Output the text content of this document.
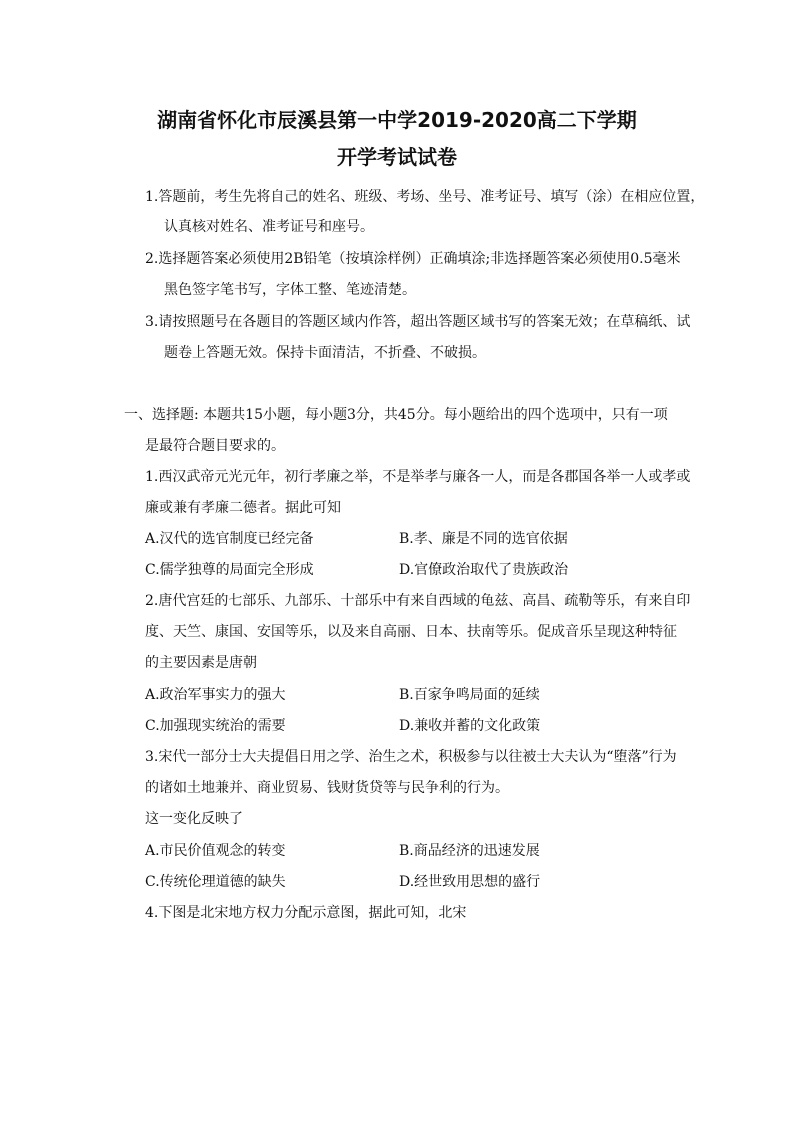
湖南省怀化市辰溪县第一中学2019-2020高二下学期
开学考试试卷
1.答题前，考生先将自己的姓名、班级、考场、坐号、准考证号、填写（涂）在相应位置，
认真核对姓名、准考证号和座号。
2.选择题答案必须使用2B铅笔（按填涂样例）正确填涂;非选择题答案必须使用0.5毫米
黑色签字笔书写，字体工整、笔迹清楚。
3.请按照题号在各题目的答题区域内作答，超出答题区域书写的答案无效；在草稿纸、试
题卷上答题无效。保持卡面清洁，不折叠、不破损。
一、选择题: 本题共15小题，每小题3分，共45分。每小题给出的四个选项中，只有一项
是最符合题目要求的。
1.西汉武帝元光元年，初行孝廉之举，不是举孝与廉各一人，而是各郡国各举一人或孝或
廉或兼有孝廉二德者。据此可知
A.汉代的选官制度已经完备	B.孝、廉是不同的选官依据
C.儒学独尊的局面完全形成	D.官僚政治取代了贵族政治
2.唐代宫廷的七部乐、九部乐、十部乐中有来自西域的龟兹、高昌、疏勒等乐，有来自印
度、天竺、康国、安国等乐，以及来自高丽、日本、扶南等乐。促成音乐呈现这种特征
的主要因素是唐朝
A.政治军事实力的强大	B.百家争鸣局面的延续
C.加强现实统治的需要	D.兼收并蓄的文化政策
3.宋代一部分士大夫提倡日用之学、治生之术，积极参与以往被士大夫认为“堕落”行为
的诸如土地兼并、商业贸易、钱财货贷等与民争利的行为。
这一变化反映了
A.市民价值观念的转变	B.商品经济的迅速发展
C.传统伦理道德的缺失	D.经世致用思想的盛行
4.下图是北宋地方权力分配示意图，据此可知，北宋
